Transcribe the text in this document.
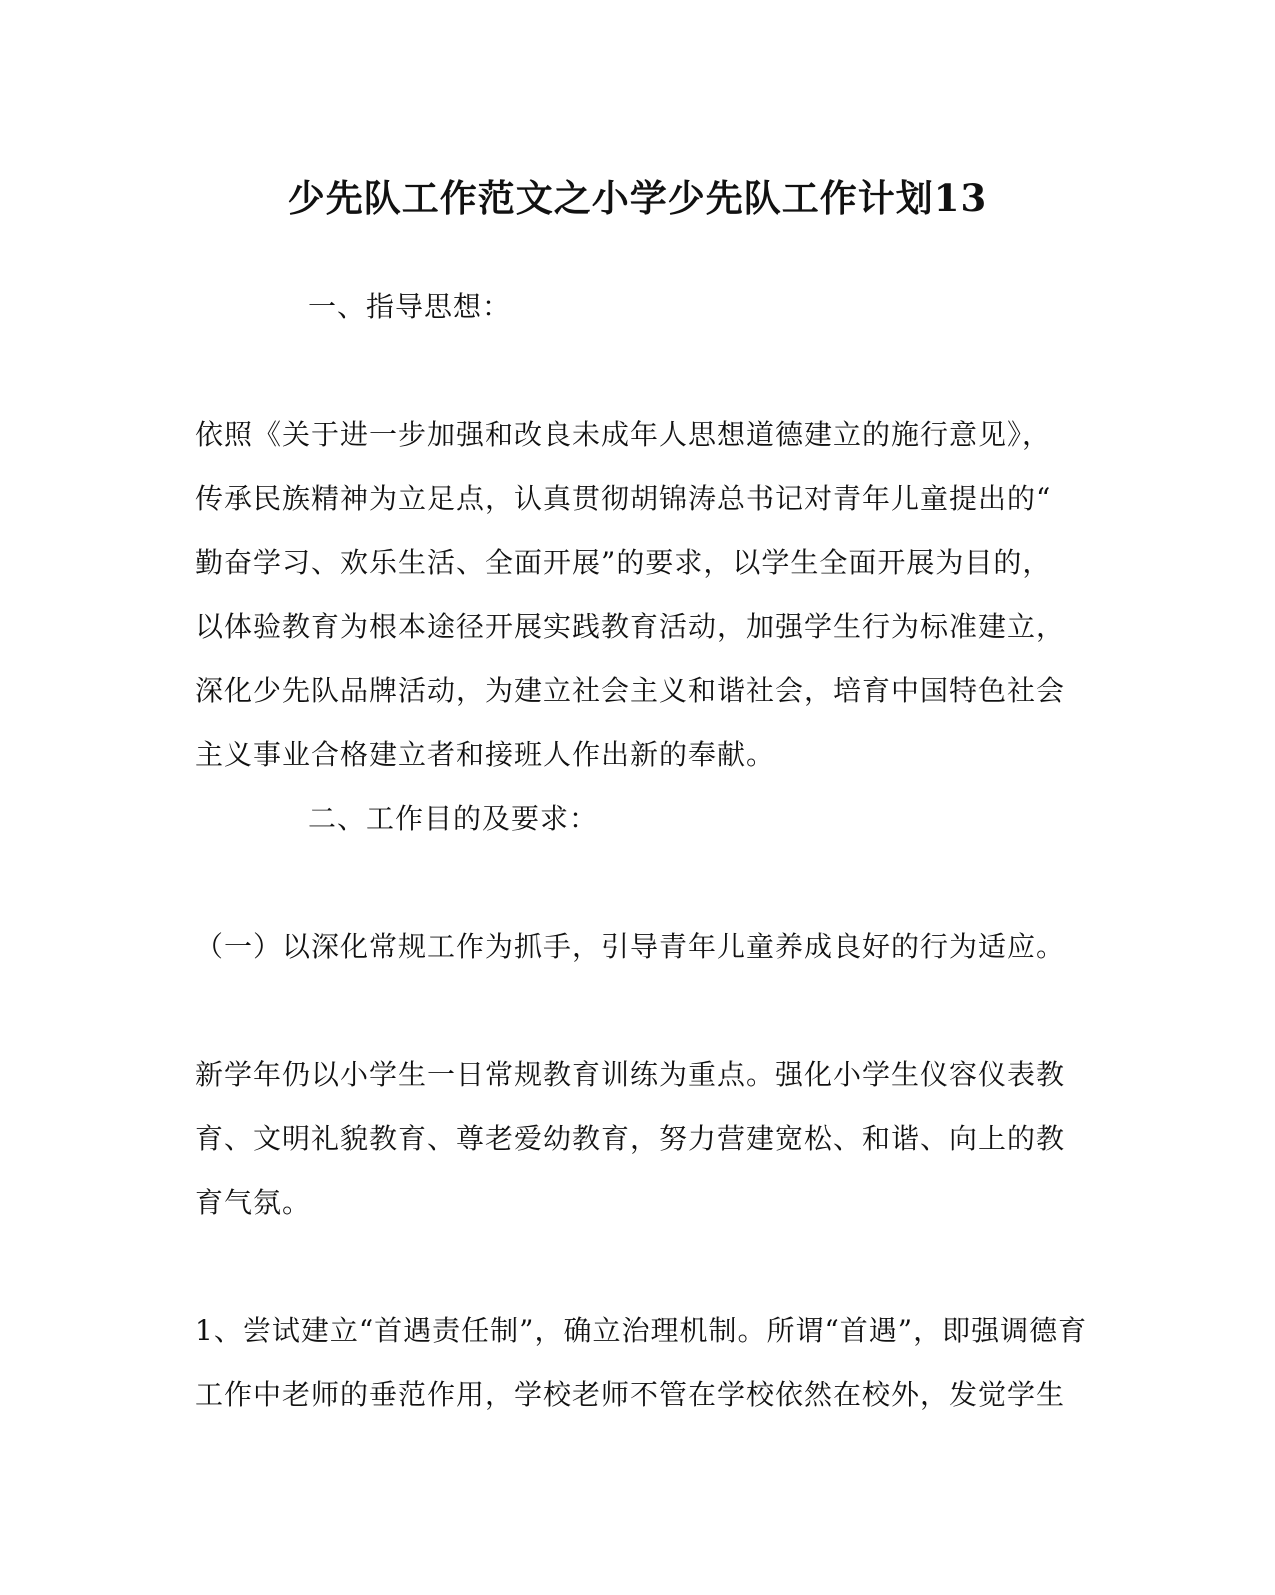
少先队工作范文之小学少先队工作计划13
一、指导思想：
依照《关于进一步加强和改良未成年人思想道德建立的施行意见》，
传承民族精神为立足点，认真贯彻胡锦涛总书记对青年儿童提出的“
勤奋学习、欢乐生活、全面开展”的要求，以学生全面开展为目的，
以体验教育为根本途径开展实践教育活动，加强学生行为标准建立，
深化少先队品牌活动，为建立社会主义和谐社会，培育中国特色社会
主义事业合格建立者和接班人作出新的奉献。
二、工作目的及要求：
（一）以深化常规工作为抓手，引导青年儿童养成良好的行为适应。
新学年仍以小学生一日常规教育训练为重点。强化小学生仪容仪表教
育、文明礼貌教育、尊老爱幼教育，努力营建宽松、和谐、向上的教
育气氛。
1、尝试建立“首遇责任制”，确立治理机制。所谓“首遇”，即强调德育
工作中老师的垂范作用，学校老师不管在学校依然在校外，发觉学生
